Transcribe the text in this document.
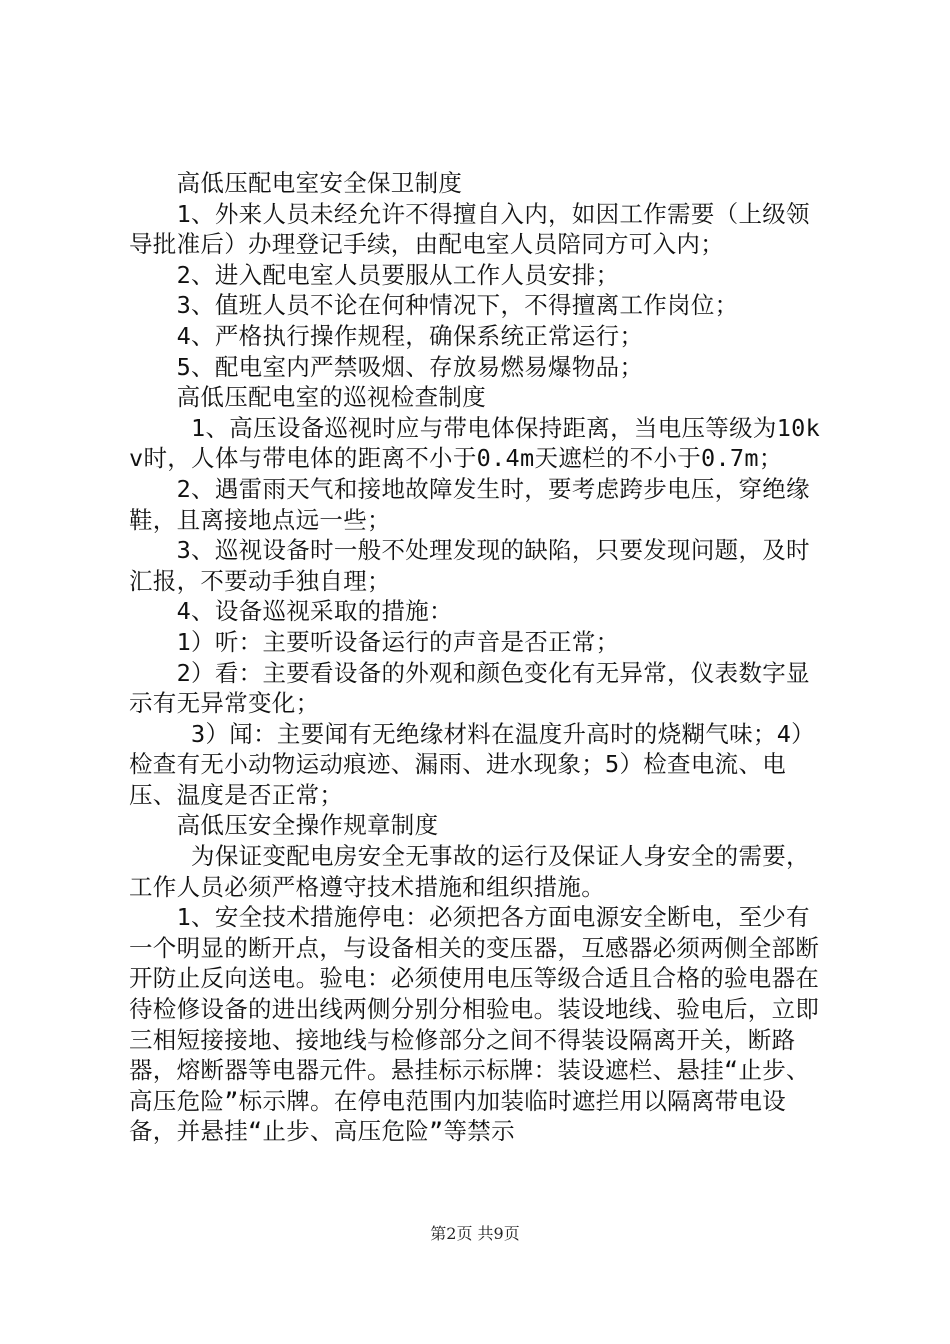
　　高低压配电室安全保卫制度

　　1、外来人员未经允许不得擅自入内，如因工作需要（上级领导批准后）办理登记手续，由配电室人员陪同方可入内；

　　2、进入配电室人员要服从工作人员安排；

　　3、值班人员不论在何种情况下，不得擅离工作岗位；

　　4、严格执行操作规程，确保系统正常运行；

　　5、配电室内严禁吸烟、存放易燃易爆物品；

　　高低压配电室的巡视检查制度

　　 1、高压设备巡视时应与带电体保持距离，当电压等级为10kv时，人体与带电体的距离不小于0.4m天遮栏的不小于0.7m；

　　2、遇雷雨天气和接地故障发生时，要考虑跨步电压，穿绝缘鞋，且离接地点远一些；

　　3、巡视设备时一般不处理发现的缺陷，只要发现问题，及时汇报，不要动手独自理；

　　4、设备巡视采取的措施：

　　1）听：主要听设备运行的声音是否正常；

　　2）看：主要看设备的外观和颜色变化有无异常，仪表数字显示有无异常变化；

　　 3）闻：主要闻有无绝缘材料在温度升高时的烧糊气味；4）检查有无小动物运动痕迹、漏雨、进水现象；5）检查电流、电压、温度是否正常；

　　高低压安全操作规章制度

　　 为保证变配电房安全无事故的运行及保证人身安全的需要，工作人员必须严格遵守技术措施和组织措施。

　　1、安全技术措施停电：必须把各方面电源安全断电，至少有一个明显的断开点，与设备相关的变压器，互感器必须两侧全部断开防止反向送电。验电：必须使用电压等级合适且合格的验电器在待检修设备的进出线两侧分别分相验电。装设地线、验电后，立即三相短接接地、接地线与检修部分之间不得装设隔离开关，断路器，熔断器等电器元件。悬挂标示标牌：装设遮栏、悬挂“止步、高压危险”标示牌。在停电范围内加装临时遮拦用以隔离带电设备，并悬挂“止步、高压危险”等禁示

第2页 共9页
